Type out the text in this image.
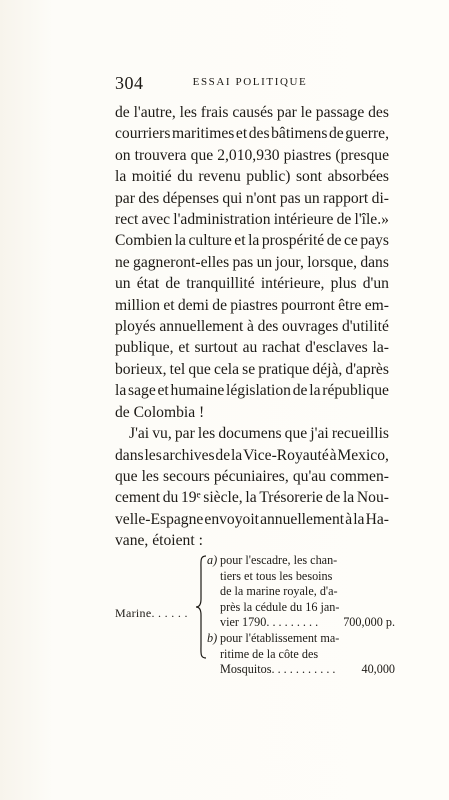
304	ESSAI POLITIQUE
de l'autre, les frais causés par le passage des
courriers maritimes et des bâtimens de guerre,
on trouvera que 2,010,930 piastres (presque
la moitié du revenu public) sont absorbées
par des dépenses qui n'ont pas un rapport di-
rect avec l'administration intérieure de l'île.»
Combien la culture et la prospérité de ce pays
ne gagneront-elles pas un jour, lorsque, dans
un état de tranquillité intérieure, plus d'un
million et demi de piastres pourront être em-
ployés annuellement à des ouvrages d'utilité
publique, et surtout au rachat d'esclaves la-
borieux, tel que cela se pratique déjà, d'après
la sage et humaine législation de la république
de Colombia !
J'ai vu, par les documens que j'ai recueillis
dans les archives de la Vice-Royauté à Mexico,
que les secours pécuniaires, qu'au commen-
cement du 19ᵉ siècle, la Trésorerie de la Nou-
velle-Espagne envoyoit annuellement à la Ha-
vane, étoient :
Marine. . . . . .
a) pour l'escadre, les chan-
tiers et tous les besoins
de la marine royale, d'a-
près la cédule du 16 jan-
vier 1790. . . . . . . . .	700,000 p.
b) pour l'établissement ma-
ritime de la côte des
Mosquitos. . . . . . . . . . .	40,000
